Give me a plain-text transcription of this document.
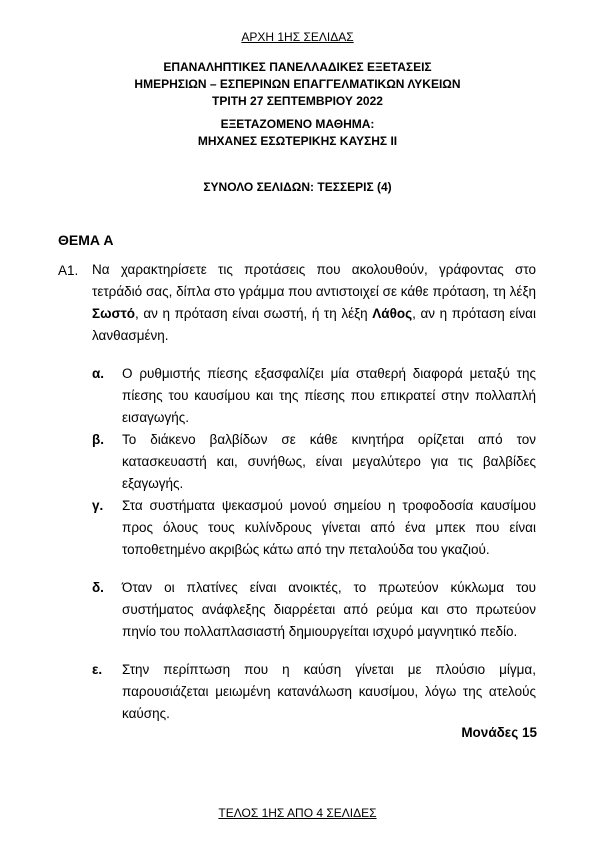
ΑΡΧΗ 1ΗΣ ΣΕΛΙΔΑΣ
ΕΠΑΝΑΛΗΠΤΙΚΕΣ ΠΑΝΕΛΛΑΔΙΚΕΣ ΕΞΕΤΑΣΕΙΣ
ΗΜΕΡΗΣΙΩΝ – ΕΣΠΕΡΙΝΩΝ ΕΠΑΓΓΕΛΜΑΤΙΚΩΝ ΛΥΚΕΙΩΝ
ΤΡΙΤΗ 27 ΣΕΠΤΕΜΒΡΙΟΥ 2022
ΕΞΕΤΑΖΟΜΕΝΟ ΜΑΘΗΜΑ:
ΜΗΧΑΝΕΣ ΕΣΩΤΕΡΙΚΗΣ ΚΑΥΣΗΣ ΙΙ
ΣΥΝΟΛΟ ΣΕΛΙΔΩΝ: ΤΕΣΣΕΡΙΣ (4)
ΘΕΜΑ Α
Α1. Να χαρακτηρίσετε τις προτάσεις που ακολουθούν, γράφοντας στο τετράδιό σας, δίπλα στο γράμμα που αντιστοιχεί σε κάθε πρόταση, τη λέξη Σωστό, αν η πρόταση είναι σωστή, ή τη λέξη Λάθος, αν η πρόταση είναι λανθασμένη.
α. Ο ρυθμιστής πίεσης εξασφαλίζει μία σταθερή διαφορά μεταξύ της πίεσης του καυσίμου και της πίεσης που επικρατεί στην πολλαπλή εισαγωγής.
β. Το διάκενο βαλβίδων σε κάθε κινητήρα ορίζεται από τον κατασκευαστή και, συνήθως, είναι μεγαλύτερο για τις βαλβίδες εξαγωγής.
γ. Στα συστήματα ψεκασμού μονού σημείου η τροφοδοσία καυσίμου προς όλους τους κυλίνδρους γίνεται από ένα μπεκ που είναι τοποθετημένο ακριβώς κάτω από την πεταλούδα του γκαζιού.
δ. Όταν οι πλατίνες είναι ανοικτές, το πρωτεύον κύκλωμα του συστήματος ανάφλεξης διαρρέεται από ρεύμα και στο πρωτεύον πηνίο του πολλαπλασιαστή δημιουργείται ισχυρό μαγνητικό πεδίο.
ε. Στην περίπτωση που η καύση γίνεται με πλούσιο μίγμα, παρουσιάζεται μειωμένη κατανάλωση καυσίμου, λόγω της ατελούς καύσης.
Μονάδες 15
ΤΕΛΟΣ 1ΗΣ ΑΠΟ 4 ΣΕΛΙΔΕΣ
